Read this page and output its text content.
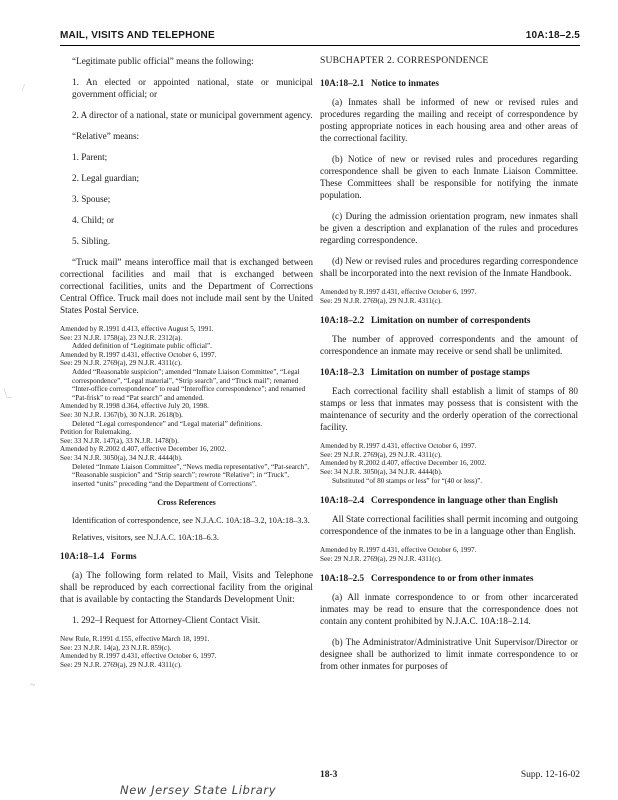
MAIL, VISITS AND TELEPHONE	10A:18–2.5

“Legitimate public official” means the following:

1. An elected or appointed national, state or municipal government official; or

2. A director of a national, state or municipal government agency.

“Relative” means:

1. Parent;

2. Legal guardian;

3. Spouse;

4. Child; or

5. Sibling.

“Truck mail” means interoffice mail that is exchanged between correctional facilities and mail that is exchanged between correctional facilities, units and the Department of Corrections Central Office. Truck mail does not include mail sent by the United States Postal Service.

Amended by R.1991 d.413, effective August 5, 1991.
See: 23 N.J.R. 1758(a), 23 N.J.R. 2312(a).
Added definition of “Legitimate public official”.
Amended by R.1997 d.431, effective October 6, 1997.
See: 29 N.J.R. 2769(a), 29 N.J.R. 4311(c).
Added “Reasonable suspicion”; amended “Inmate Liaison Committee”, “Legal correspondence”, “Legal material”, “Strip search”, and “Truck mail”; renamed “Inter-office correspondence” to read “Interoffice correspondence”; and renamed “Pat-frisk” to read “Pat search” and amended.
Amended by R.1998 d.364, effective July 20, 1998.
See: 30 N.J.R. 1367(b), 30 N.J.R. 2618(b).
Deleted “Legal correspondence” and “Legal material” definitions.
Petition for Rulemaking.
See: 33 N.J.R. 147(a), 33 N.J.R. 1478(b).
Amended by R.2002 d.407, effective December 16, 2002.
See: 34 N.J.R. 3050(a), 34 N.J.R. 4444(b).
Deleted “Inmate Liaison Committee”, “News media representative”, “Pat-search”, “Reasonable suspicion” and “Strip search”; rewrote “Relative”; in “Truck”, inserted “units” preceding “and the Department of Corrections”.
Cross References

Identification of correspondence, see N.J.A.C. 10A:18–3.2, 10A:18–3.3.

Relatives, visitors, see N.J.A.C. 10A:18–6.3.

10A:18–1.4 Forms

(a) The following form related to Mail, Visits and Telephone shall be reproduced by each correctional facility from the original that is available by contacting the Standards Development Unit:

1. 292–I Request for Attorney-Client Contact Visit.

New Rule, R.1991 d.155, effective March 18, 1991.
See: 23 N.J.R. 14(a), 23 N.J.R. 859(c).
Amended by R.1997 d.431, effective October 6, 1997.
See: 29 N.J.R. 2769(a), 29 N.J.R. 4311(c).
SUBCHAPTER 2. CORRESPONDENCE
10A:18–2.1 Notice to inmates

(a) Inmates shall be informed of new or revised rules and procedures regarding the mailing and receipt of correspondence by posting appropriate notices in each housing area and other areas of the correctional facility.

(b) Notice of new or revised rules and procedures regarding correspondence shall be given to each Inmate Liaison Committee. These Committees shall be responsible for notifying the inmate population.

(c) During the admission orientation program, new inmates shall be given a description and explanation of the rules and procedures regarding correspondence.

(d) New or revised rules and procedures regarding correspondence shall be incorporated into the next revision of the Inmate Handbook.

Amended by R.1997 d.431, effective October 6, 1997.
See: 29 N.J.R. 2769(a), 29 N.J.R. 4311(c).
10A:18–2.2 Limitation on number of correspondents

The number of approved correspondents and the amount of correspondence an inmate may receive or send shall be unlimited.

10A:18–2.3 Limitation on number of postage stamps

Each correctional facility shall establish a limit of stamps of 80 stamps or less that inmates may possess that is consistent with the maintenance of security and the orderly operation of the correctional facility.

Amended by R.1997 d.431, effective October 6, 1997.
See: 29 N.J.R. 2769(a), 29 N.J.R. 4311(c).
Amended by R.2002 d.407, effective December 16, 2002.
See: 34 N.J.R. 3050(a), 34 N.J.R. 4444(b).
Substituted “of 80 stamps or less” for “(40 or less)”.
10A:18–2.4 Correspondence in language other than English

All State correctional facilities shall permit incoming and outgoing correspondence of the inmates to be in a language other than English.

Amended by R.1997 d.431, effective October 6, 1997.
See: 29 N.J.R. 2769(a), 29 N.J.R. 4311(c).
10A:18–2.5 Correspondence to or from other inmates

(a) All inmate correspondence to or from other incarcerated inmates may be read to ensure that the correspondence does not contain any content prohibited by N.J.A.C. 10A:18–2.14.

(b) The Administrator/Administrative Unit Supervisor/Director or designee shall be authorized to limit inmate correspondence to or from other inmates for purposes of

/
\_
~
18-3	Supp. 12-16-02
New Jersey State Library
